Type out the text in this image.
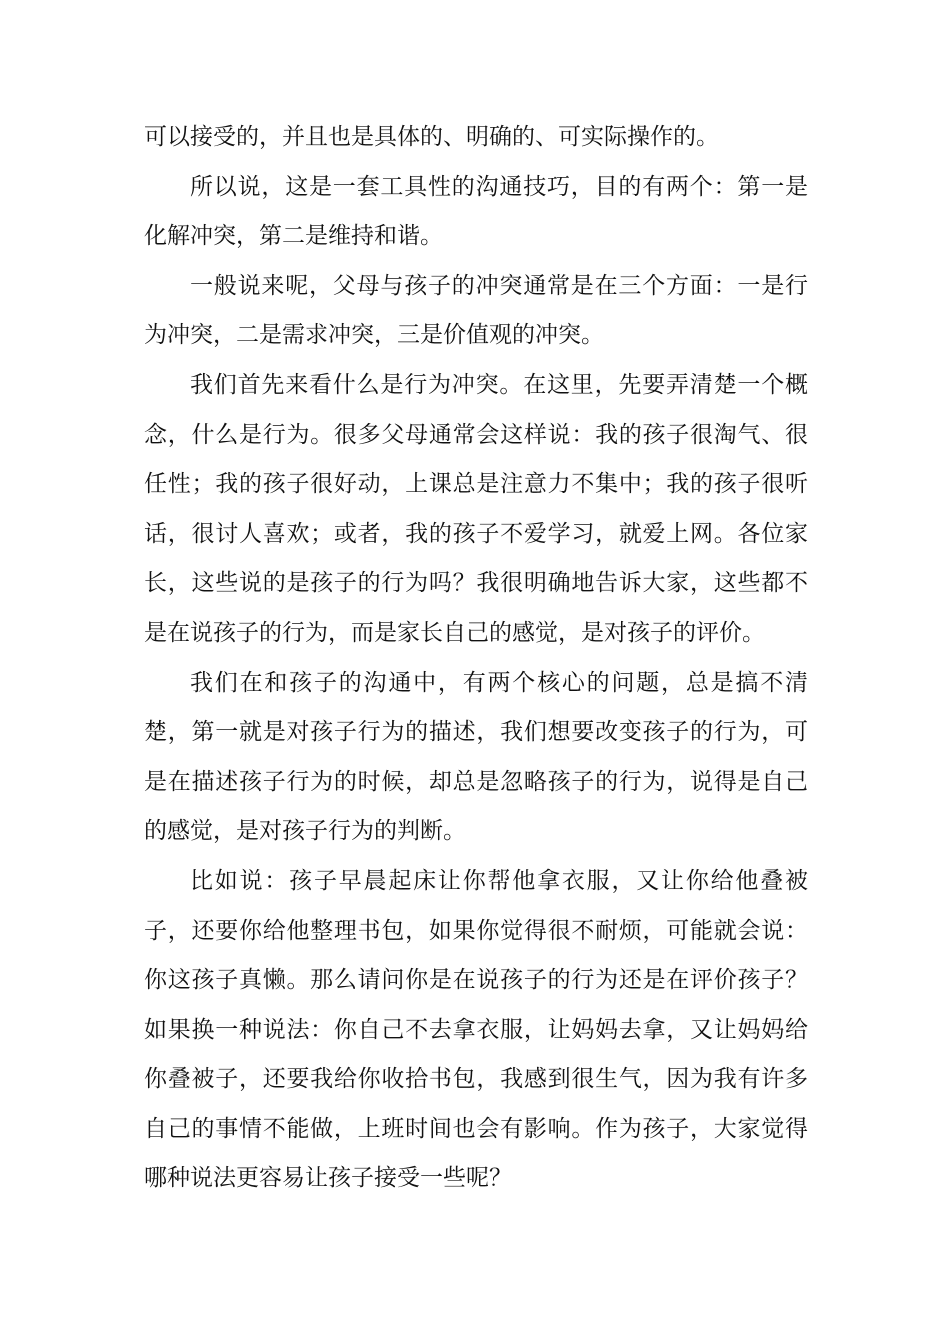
可以接受的，并且也是具体的、明确的、可实际操作的。

所以说，这是一套工具性的沟通技巧，目的有两个：第一是化解冲突，第二是维持和谐。

一般说来呢，父母与孩子的冲突通常是在三个方面：一是行为冲突，二是需求冲突，三是价值观的冲突。

我们首先来看什么是行为冲突。在这里，先要弄清楚一个概念，什么是行为。很多父母通常会这样说：我的孩子很淘气、很任性；我的孩子很好动，上课总是注意力不集中；我的孩子很听话，很讨人喜欢；或者，我的孩子不爱学习，就爱上网。各位家长，这些说的是孩子的行为吗？我很明确地告诉大家，这些都不是在说孩子的行为，而是家长自己的感觉，是对孩子的评价。

我们在和孩子的沟通中，有两个核心的问题，总是搞不清楚，第一就是对孩子行为的描述，我们想要改变孩子的行为，可是在描述孩子行为的时候，却总是忽略孩子的行为，说得是自己的感觉，是对孩子行为的判断。

比如说：孩子早晨起床让你帮他拿衣服，又让你给他叠被子，还要你给他整理书包，如果你觉得很不耐烦，可能就会说：你这孩子真懒。那么请问你是在说孩子的行为还是在评价孩子？如果换一种说法：你自己不去拿衣服，让妈妈去拿，又让妈妈给你叠被子，还要我给你收拾书包，我感到很生气，因为我有许多自己的事情不能做，上班时间也会有影响。作为孩子，大家觉得哪种说法更容易让孩子接受一些呢？
